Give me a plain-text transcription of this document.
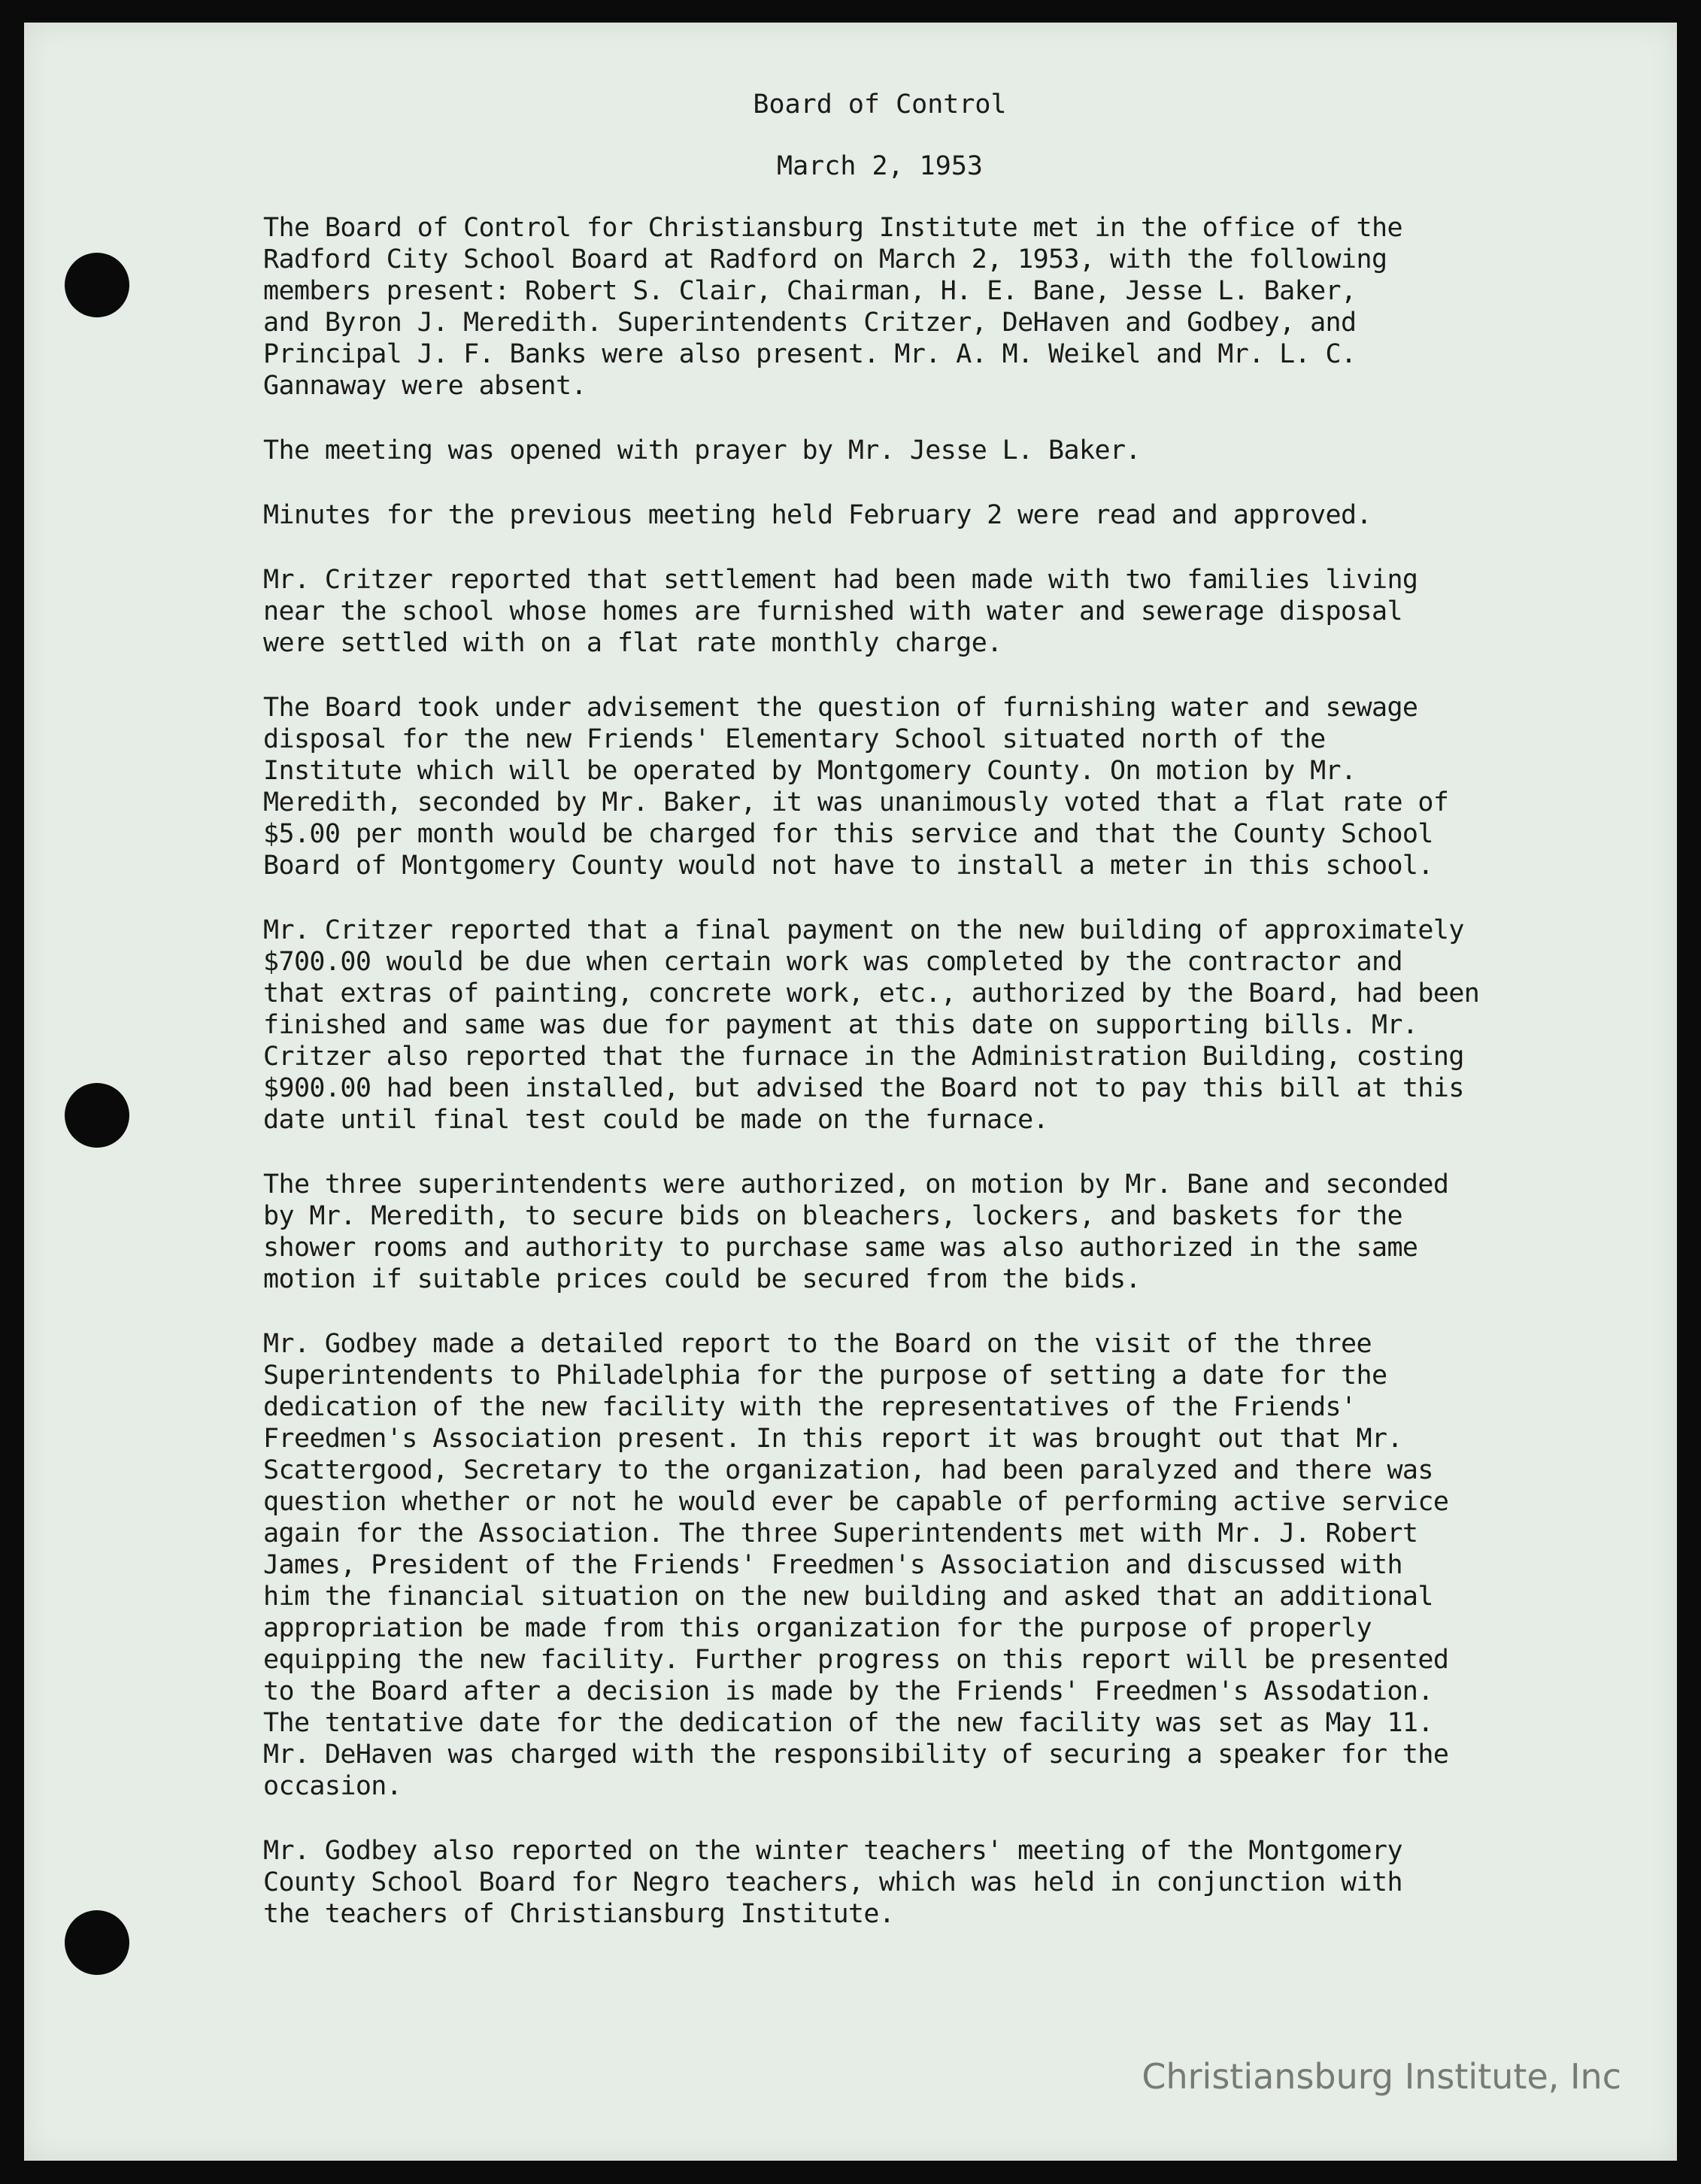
Board of Control

March 2, 1953

The Board of Control for Christiansburg Institute met in the office of the
Radford City School Board at Radford on March 2, 1953, with the following
members present: Robert S. Clair, Chairman, H. E. Bane, Jesse L. Baker,
and Byron J. Meredith. Superintendents Critzer, DeHaven and Godbey, and
Principal J. F. Banks were also present. Mr. A. M. Weikel and Mr. L. C.
Gannaway were absent.

The meeting was opened with prayer by Mr. Jesse L. Baker.

Minutes for the previous meeting held February 2 were read and approved.

Mr. Critzer reported that settlement had been made with two families living
near the school whose homes are furnished with water and sewerage disposal
were settled with on a flat rate monthly charge.

The Board took under advisement the question of furnishing water and sewage
disposal for the new Friends' Elementary School situated north of the
Institute which will be operated by Montgomery County. On motion by Mr.
Meredith, seconded by Mr. Baker, it was unanimously voted that a flat rate of
$5.00 per month would be charged for this service and that the County School
Board of Montgomery County would not have to install a meter in this school.

Mr. Critzer reported that a final payment on the new building of approximately
$700.00 would be due when certain work was completed by the contractor and
that extras of painting, concrete work, etc., authorized by the Board, had been
finished and same was due for payment at this date on supporting bills. Mr.
Critzer also reported that the furnace in the Administration Building, costing
$900.00 had been installed, but advised the Board not to pay this bill at this
date until final test could be made on the furnace.

The three superintendents were authorized, on motion by Mr. Bane and seconded
by Mr. Meredith, to secure bids on bleachers, lockers, and baskets for the
shower rooms and authority to purchase same was also authorized in the same
motion if suitable prices could be secured from the bids.

Mr. Godbey made a detailed report to the Board on the visit of the three
Superintendents to Philadelphia for the purpose of setting a date for the
dedication of the new facility with the representatives of the Friends'
Freedmen's Association present. In this report it was brought out that Mr.
Scattergood, Secretary to the organization, had been paralyzed and there was
question whether or not he would ever be capable of performing active service
again for the Association. The three Superintendents met with Mr. J. Robert
James, President of the Friends' Freedmen's Association and discussed with
him the financial situation on the new building and asked that an additional
appropriation be made from this organization for the purpose of properly
equipping the new facility. Further progress on this report will be presented
to the Board after a decision is made by the Friends' Freedmen's Assodation.
The tentative date for the dedication of the new facility was set as May 11.
Mr. DeHaven was charged with the responsibility of securing a speaker for the
occasion.

Mr. Godbey also reported on the winter teachers' meeting of the Montgomery
County School Board for Negro teachers, which was held in conjunction with
the teachers of Christiansburg Institute.

Christiansburg Institute, Inc
